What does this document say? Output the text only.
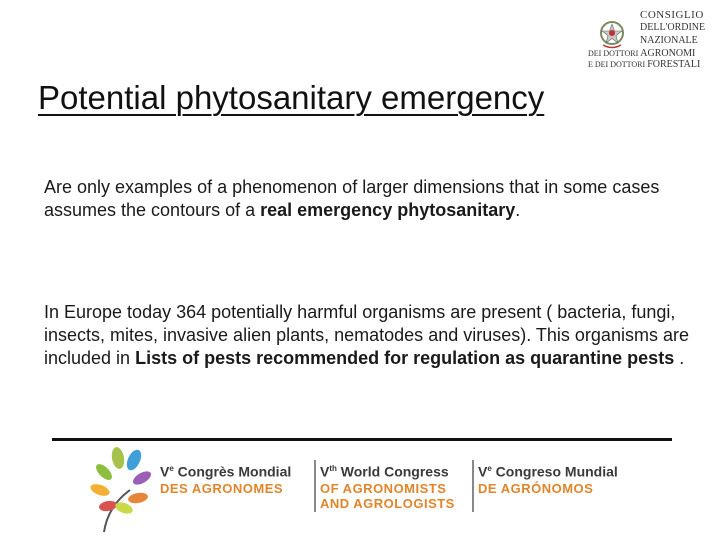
CONSIGLIO
DELL'ORDINE
NAZIONALE
DEI DOTTORI AGRONOMI
E DEI DOTTORI FORESTALI
Potential phytosanitary emergency
Are only examples of a phenomenon of larger dimensions that in some cases assumes the contours of a real emergency phytosanitary.
In Europe today 364 potentially harmful organisms are present ( bacteria, fungi, insects, mites, invasive alien plants, nematodes and viruses). This organisms are included in Lists of pests recommended for regulation as quarantine pests .
Ve Congrès Mondial
DES AGRONOMES
Vth World Congress
OF AGRONOMISTS
AND AGROLOGISTS
Ve Congreso Mundial
DE AGRÓNOMOS
